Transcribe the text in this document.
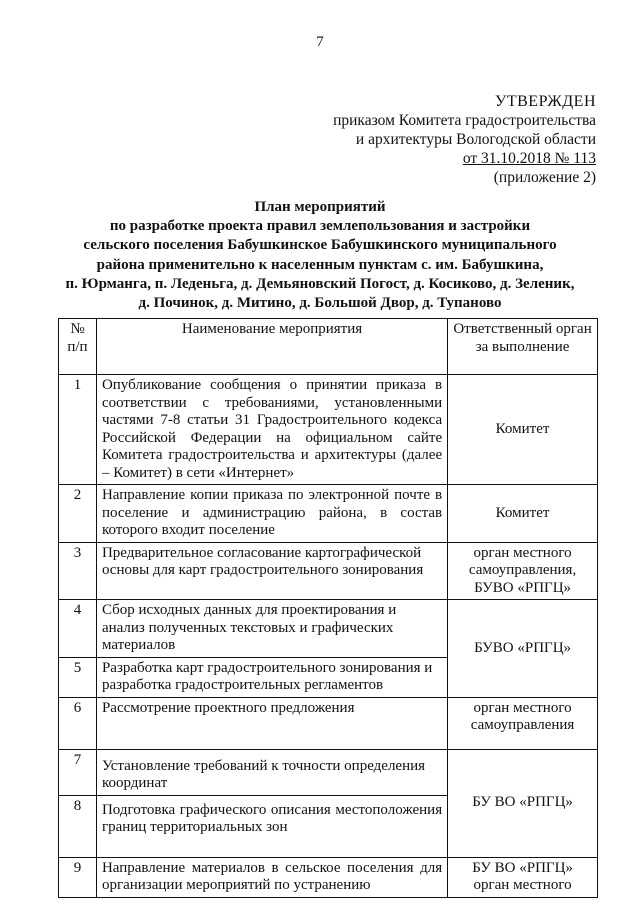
7
УТВЕРЖДЕН
приказом Комитета градостроительства
и архитектуры Вологодской области
от 31.10.2018 № 113
(приложение 2)
План мероприятий
по разработке проекта правил землепользования и застройки
сельского поселения Бабушкинское Бабушкинского муниципального
района применительно к населенным пунктам с. им. Бабушкина,
п. Юрманга, п. Леденьга, д. Демьяновский Погост, д. Косиково, д. Зеленик,
д. Починок, д. Митино, д. Большой Двор, д. Тупаново
№ п/п	Наименование мероприятия	Ответственный орган за выполнение
1	Опубликование сообщения о принятии приказа в соответствии с требованиями, установленными частями 7-8 статьи 31 Градостроительного кодекса Российской Федерации на официальном сайте Комитета градостроительства и архитектуры (далее – Комитет) в сети «Интернет»	Комитет
2	Направление копии приказа по электронной почте в поселение и администрацию района, в состав которого входит поселение	Комитет
3	Предварительное согласование картографической основы для карт градостроительного зонирования	орган местного самоуправления, БУВО «РПГЦ»
4	Сбор исходных данных для проектирования и анализ полученных текстовых и графических материалов	БУВО «РПГЦ»
5	Разработка карт градостроительного зонирования и разработка градостроительных регламентов	
6	Рассмотрение проектного предложения	орган местного самоуправления
7	Установление требований к точности определения координат	БУ ВО «РПГЦ»
8	Подготовка графического описания местоположения границ территориальных зон	
9	Направление материалов в сельское поселения для организации мероприятий по устранению	БУ ВО «РПГЦ» орган местного
